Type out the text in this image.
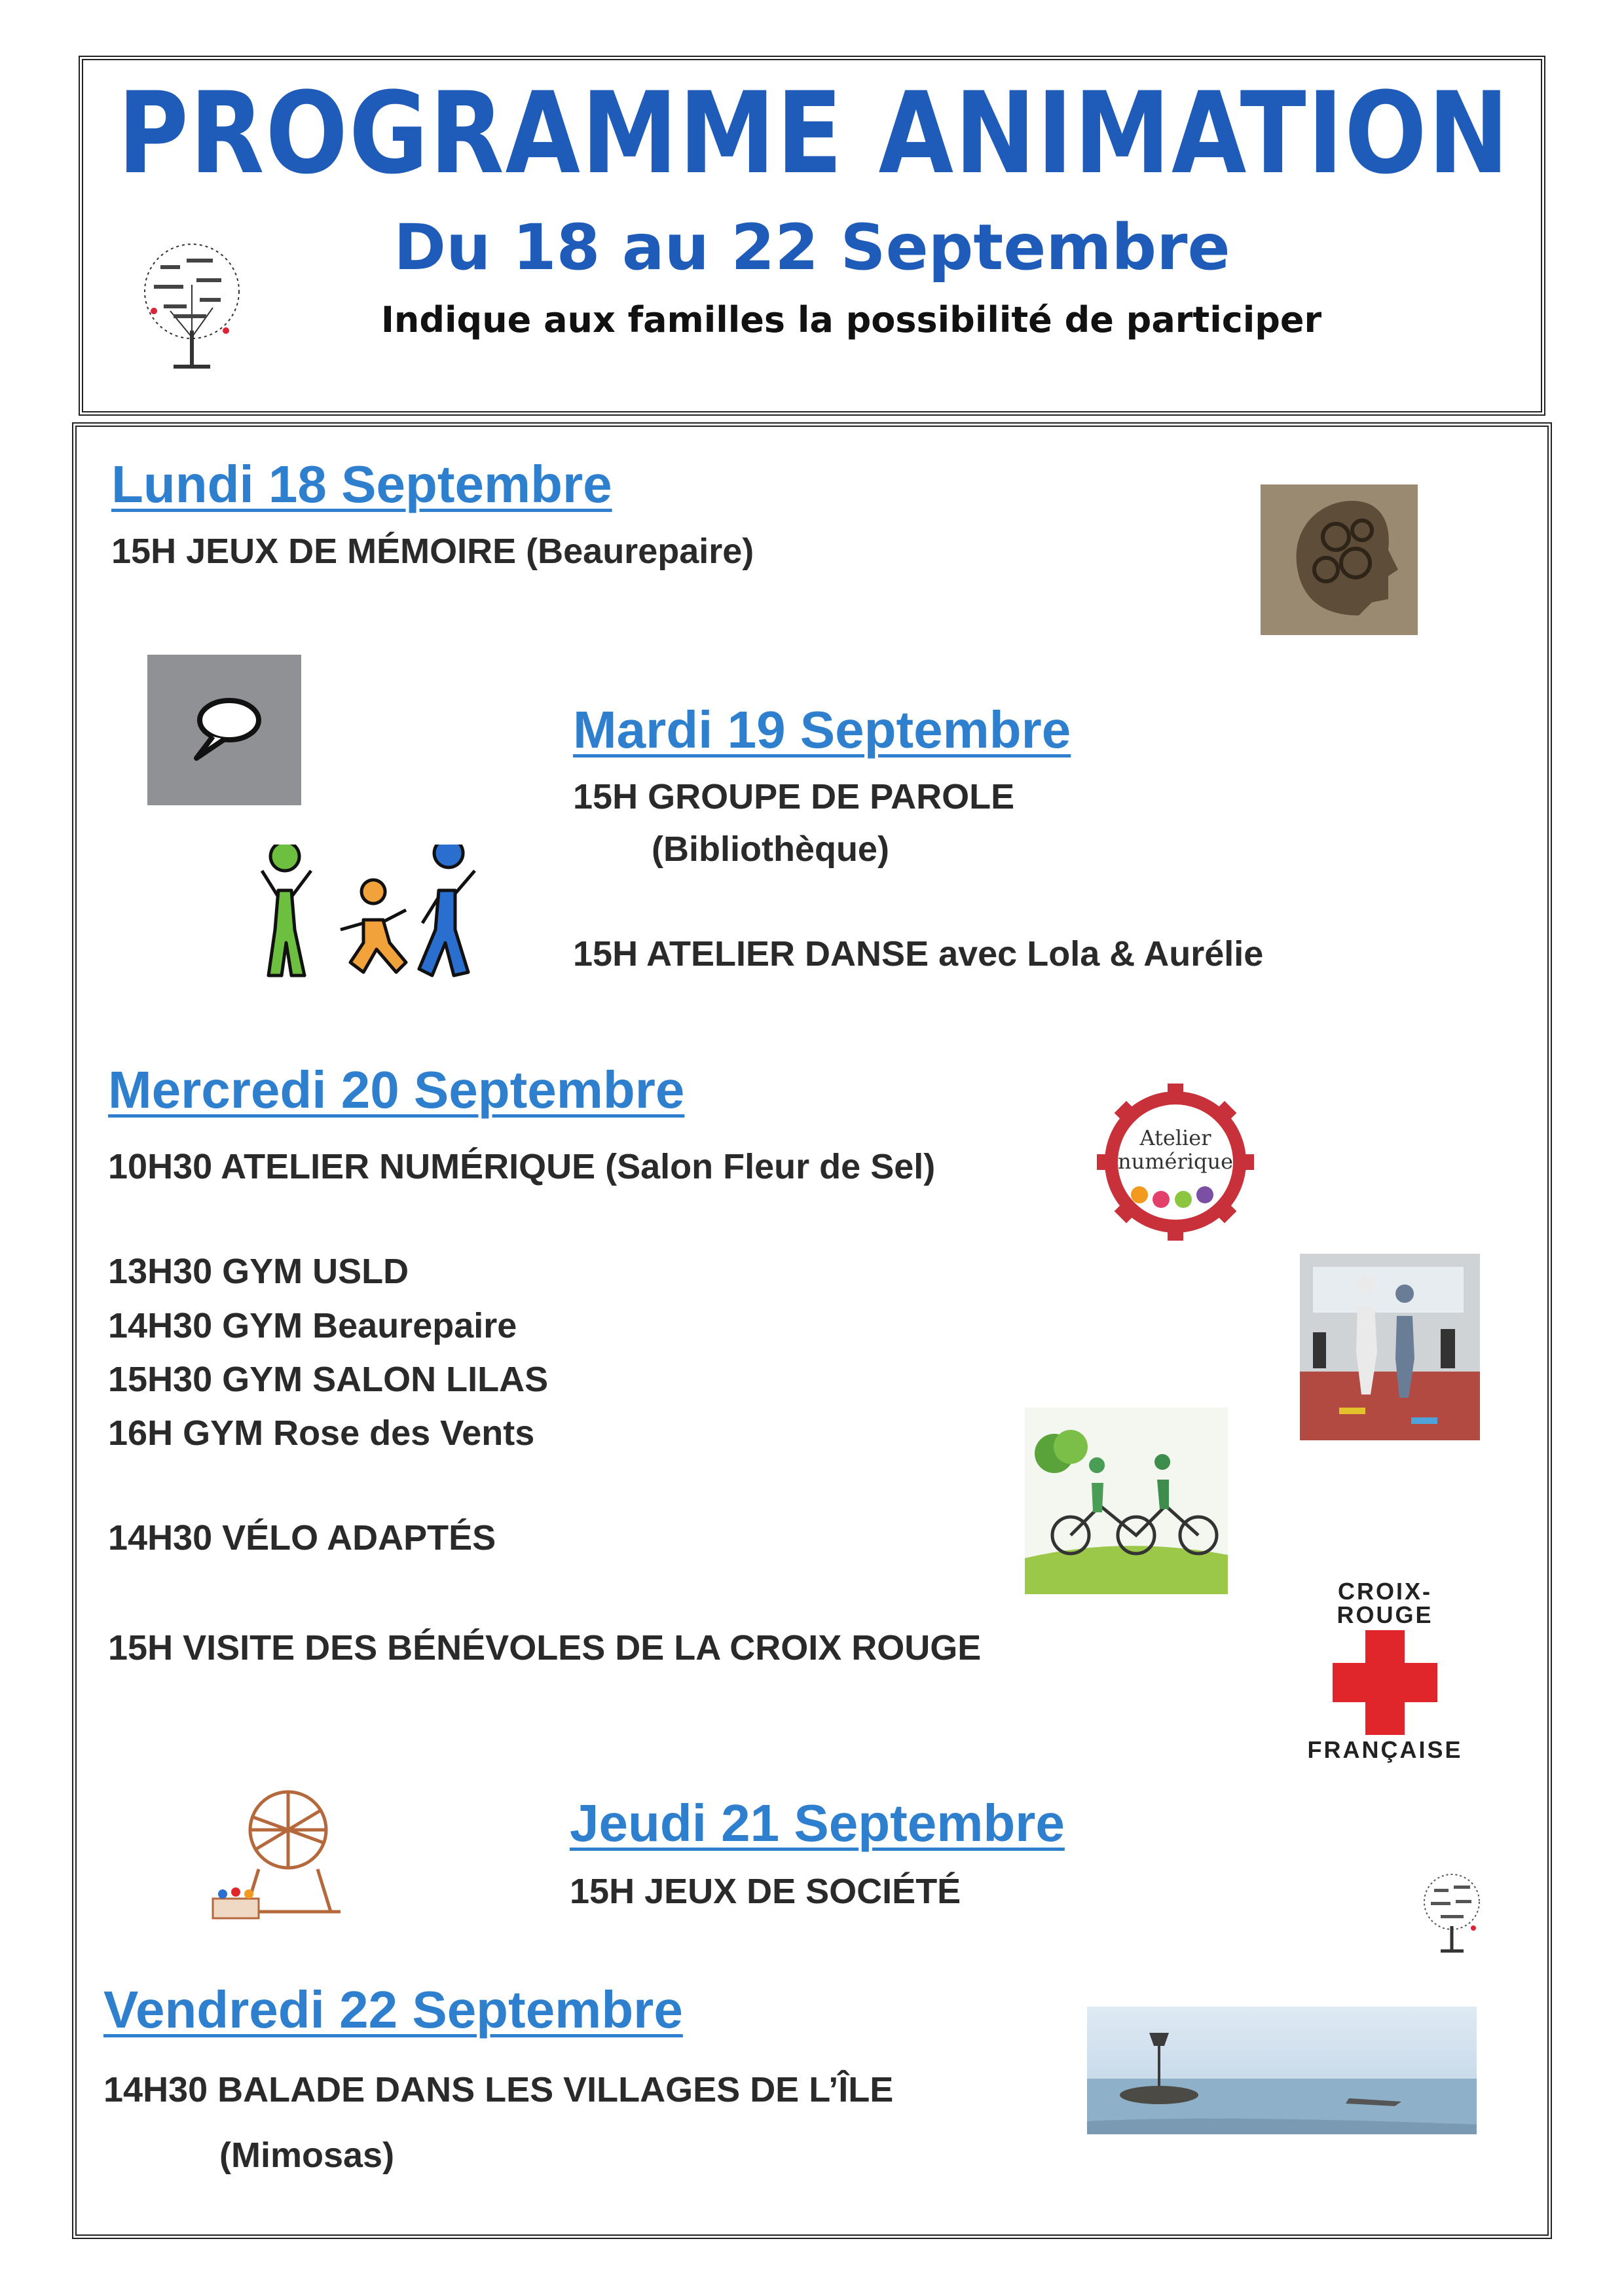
PROGRAMME ANIMATION
Du 18 au 22 Septembre
Indique aux familles la possibilité de participer
Lundi 18 Septembre
15H JEUX DE MÉMOIRE (Beaurepaire)
Mardi 19 Septembre
15H GROUPE DE PAROLE
(Bibliothèque)
15H ATELIER DANSE avec Lola & Aurélie
Mercredi 20 Septembre
10H30 ATELIER NUMÉRIQUE (Salon Fleur de Sel)
13H30 GYM USLD
14H30 GYM Beaurepaire
15H30 GYM SALON LILAS
16H GYM Rose des Vents
14H30 VÉLO ADAPTÉS
15H VISITE DES BÉNÉVOLES DE LA CROIX ROUGE
Atelier
numérique
CROIX-ROUGE
FRANÇAISE
Jeudi 21 Septembre
15H JEUX DE SOCIÉTÉ
Vendredi 22 Septembre
14H30 BALADE DANS LES VILLAGES DE L’ÎLE
(Mimosas)
